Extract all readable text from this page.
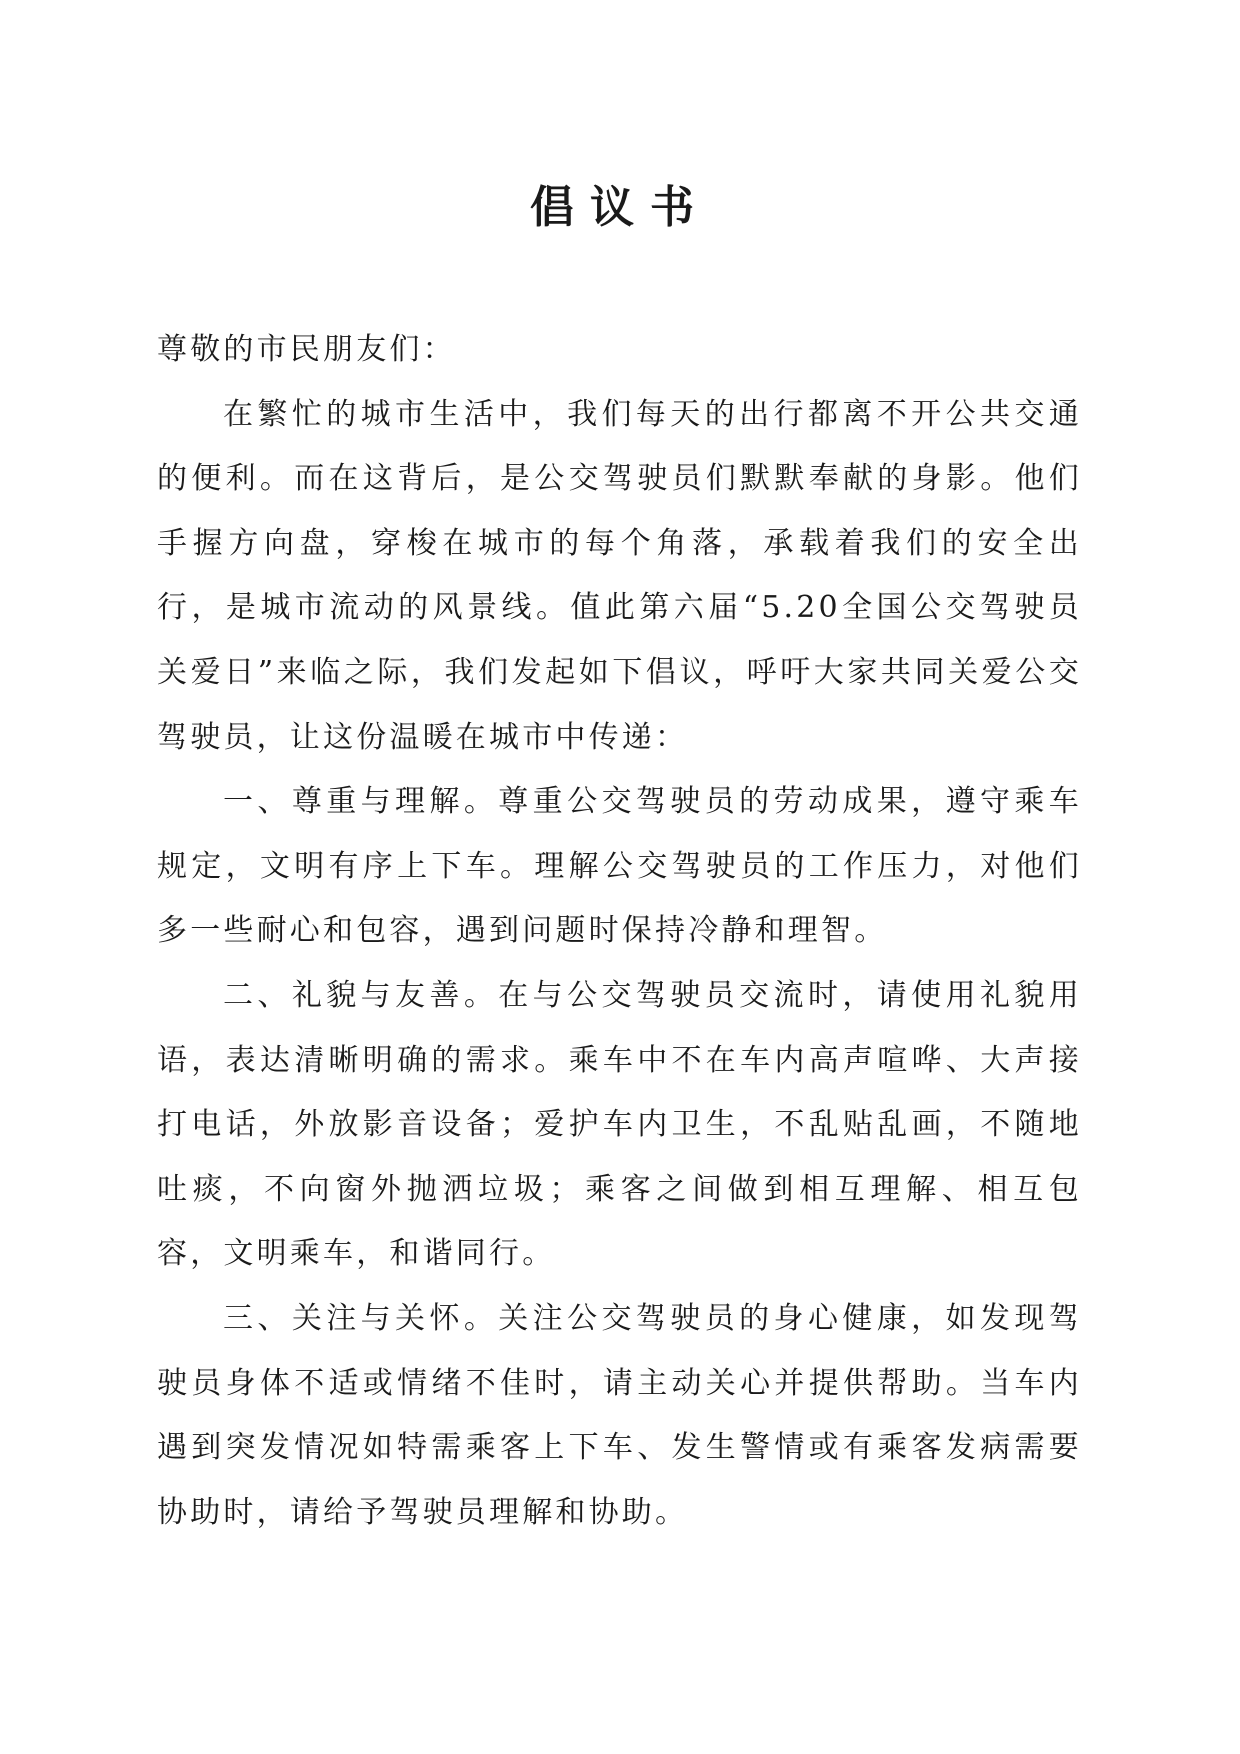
倡议书

尊敬的市民朋友们：

在繁忙的城市生活中，我们每天的出行都离不开公共交通的便利。而在这背后，是公交驾驶员们默默奉献的身影。他们手握方向盘，穿梭在城市的每个角落，承载着我们的安全出行，是城市流动的风景线。值此第六届“5.20全国公交驾驶员关爱日”来临之际，我们发起如下倡议，呼吁大家共同关爱公交驾驶员，让这份温暖在城市中传递：

一、尊重与理解。尊重公交驾驶员的劳动成果，遵守乘车规定，文明有序上下车。理解公交驾驶员的工作压力，对他们多一些耐心和包容，遇到问题时保持冷静和理智。

二、礼貌与友善。在与公交驾驶员交流时，请使用礼貌用语，表达清晰明确的需求。乘车中不在车内高声喧哗、大声接打电话，外放影音设备；爱护车内卫生，不乱贴乱画，不随地吐痰，不向窗外抛洒垃圾；乘客之间做到相互理解、相互包容，文明乘车，和谐同行。

三、关注与关怀。关注公交驾驶员的身心健康，如发现驾驶员身体不适或情绪不佳时，请主动关心并提供帮助。当车内遇到突发情况如特需乘客上下车、发生警情或有乘客发病需要协助时，请给予驾驶员理解和协助。
